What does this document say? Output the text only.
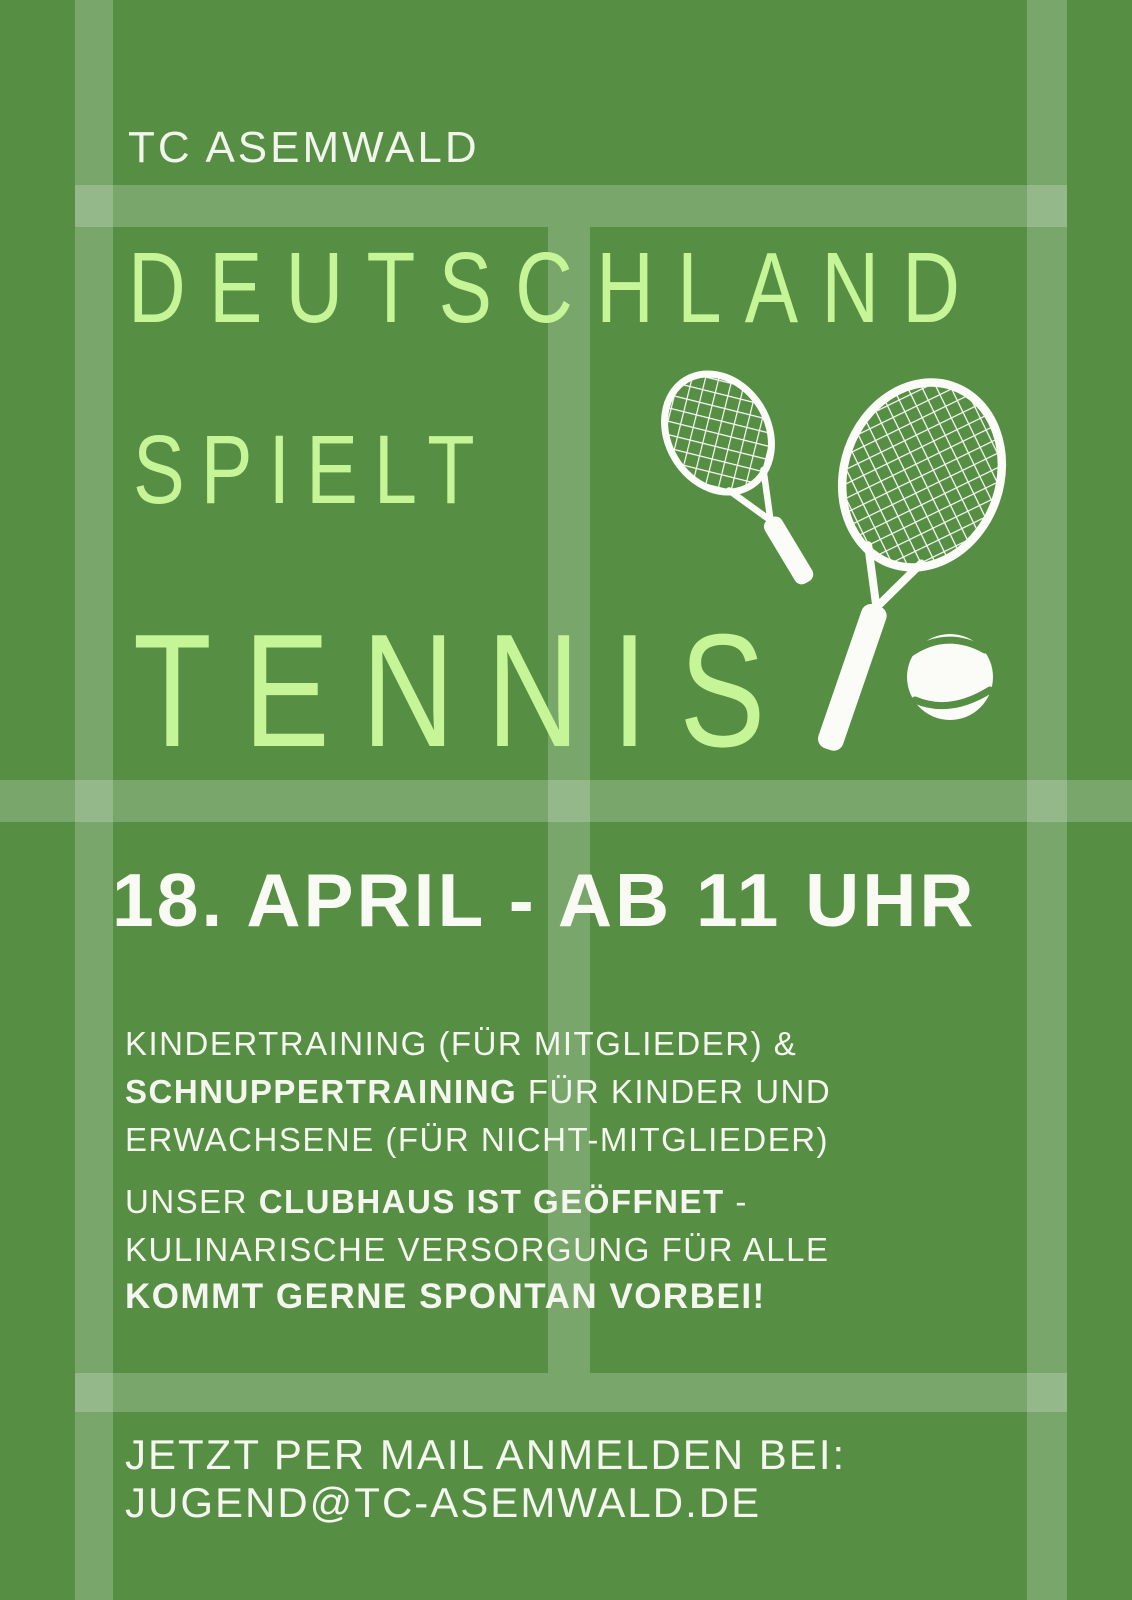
TC ASEMWALD
DEUTSCHLAND
SPIELT
TENNIS
18. APRIL - AB 11 UHR
KINDERTRAINING (FÜR MITGLIEDER) &
SCHNUPPERTRAINING FÜR KINDER UND
ERWACHSENE (FÜR NICHT-MITGLIEDER)
UNSER CLUBHAUS IST GEÖFFNET -
KULINARISCHE VERSORGUNG FÜR ALLE
KOMMT GERNE SPONTAN VORBEI!
JETZT PER MAIL ANMELDEN BEI:
JUGEND@TC-ASEMWALD.DE
